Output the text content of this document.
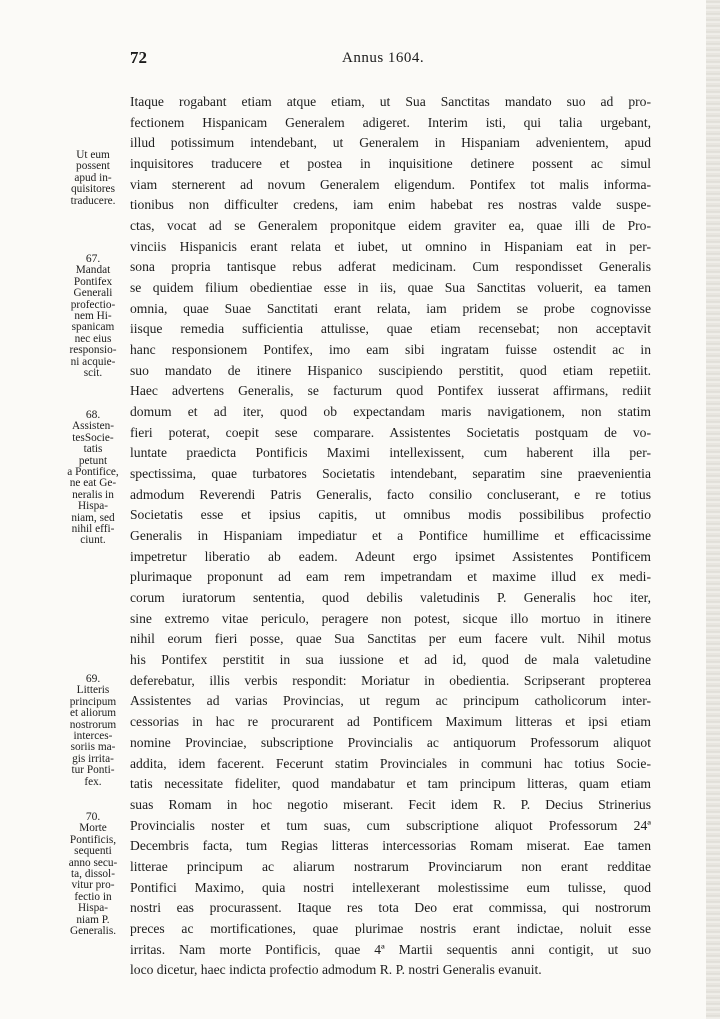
72	Annus 1604.
Itaque rogabant etiam atque etiam, ut Sua Sanctitas mandato suo ad pro-
fectionem Hispanicam Generalem adigeret. Interim isti, qui talia urgebant,
illud potissimum intendebant, ut Generalem in Hispaniam advenientem, apud
inquisitores traducere et postea in inquisitione detinere possent ac simul
viam sternerent ad novum Generalem eligendum. Pontifex tot malis informa-
tionibus non difficulter credens, iam enim habebat res nostras valde suspe-
ctas, vocat ad se Generalem proponitque eidem graviter ea, quae illi de Pro-
vinciis Hispanicis erant relata et iubet, ut omnino in Hispaniam eat in per-
sona propria tantisque rebus adferat medicinam. Cum respondisset Generalis
se quidem filium obedientiae esse in iis, quae Sua Sanctitas voluerit, ea tamen
omnia, quae Suae Sanctitati erant relata, iam pridem se probe cognovisse
iisque remedia sufficientia attulisse, quae etiam recensebat; non acceptavit
hanc responsionem Pontifex, imo eam sibi ingratam fuisse ostendit ac in
suo mandato de itinere Hispanico suscipiendo perstitit, quod etiam repetiit.
Haec advertens Generalis, se facturum quod Pontifex iusserat affirmans, rediit
domum et ad iter, quod ob expectandam maris navigationem, non statim
fieri poterat, coepit sese comparare. Assistentes Societatis postquam de vo-
luntate praedicta Pontificis Maximi intellexissent, cum haberent illa per-
spectissima, quae turbatores Societatis intendebant, separatim sine praevenientia
admodum Reverendi Patris Generalis, facto consilio concluserant, e re totius
Societatis esse et ipsius capitis, ut omnibus modis possibilibus profectio
Generalis in Hispaniam impediatur et a Pontifice humillime et efficacissime
impetretur liberatio ab eadem. Adeunt ergo ipsimet Assistentes Pontificem
plurimaque proponunt ad eam rem impetrandam et maxime illud ex medi-
corum iuratorum sententia, quod debilis valetudinis P. Generalis hoc iter,
sine extremo vitae periculo, peragere non potest, sicque illo mortuo in itinere
nihil eorum fieri posse, quae Sua Sanctitas per eum facere vult. Nihil motus
his Pontifex perstitit in sua iussione et ad id, quod de mala valetudine
deferebatur, illis verbis respondit: Moriatur in obedientia. Scripserant propterea
Assistentes ad varias Provincias, ut regum ac principum catholicorum inter-
cessorias in hac re procurarent ad Pontificem Maximum litteras et ipsi etiam
nomine Provinciae, subscriptione Provincialis ac antiquorum Professorum aliquot
addita, idem facerent. Fecerunt statim Provinciales in communi hac totius Socie-
tatis necessitate fideliter, quod mandabatur et tam principum litteras, quam etiam
suas Romam in hoc negotio miserant. Fecit idem R. P. Decius Strinerius
Provincialis noster et tum suas, cum subscriptione aliquot Professorum 24ª
Decembris facta, tum Regias litteras intercessorias Romam miserat. Eae tamen
litterae principum ac aliarum nostrarum Provinciarum non erant redditae
Pontifici Maximo, quia nostri intellexerant molestissime eum tulisse, quod
nostri eas procurassent. Itaque res tota Deo erat commissa, qui nostrorum
preces ac mortificationes, quae plurimae nostris erant indictae, noluit esse
irritas. Nam morte Pontificis, quae 4ª Martii sequentis anni contigit, ut suo
loco dicetur, haec indicta profectio admodum R. P. nostri Generalis evanuit.
Ut eum
possent
apud in-
quisitores
traducere.
67.
Mandat
Pontifex
Generali
profectio-
nem Hi-
spanicam
nec eius
responsio-
ni acquie-
scit.
68.
Assisten-
tesSocie-
tatis
petunt
a Pontifice,
ne eat Ge-
neralis in
Hispa-
niam, sed
nihil effi-
ciunt.
69.
Litteris
principum
et aliorum
nostrorum
interces-
soriis ma-
gis irrita-
tur Ponti-
fex.
70.
Morte
Pontificis,
sequenti
anno secu-
ta, dissol-
vitur pro-
fectio in
Hispa-
niam P.
Generalis.
